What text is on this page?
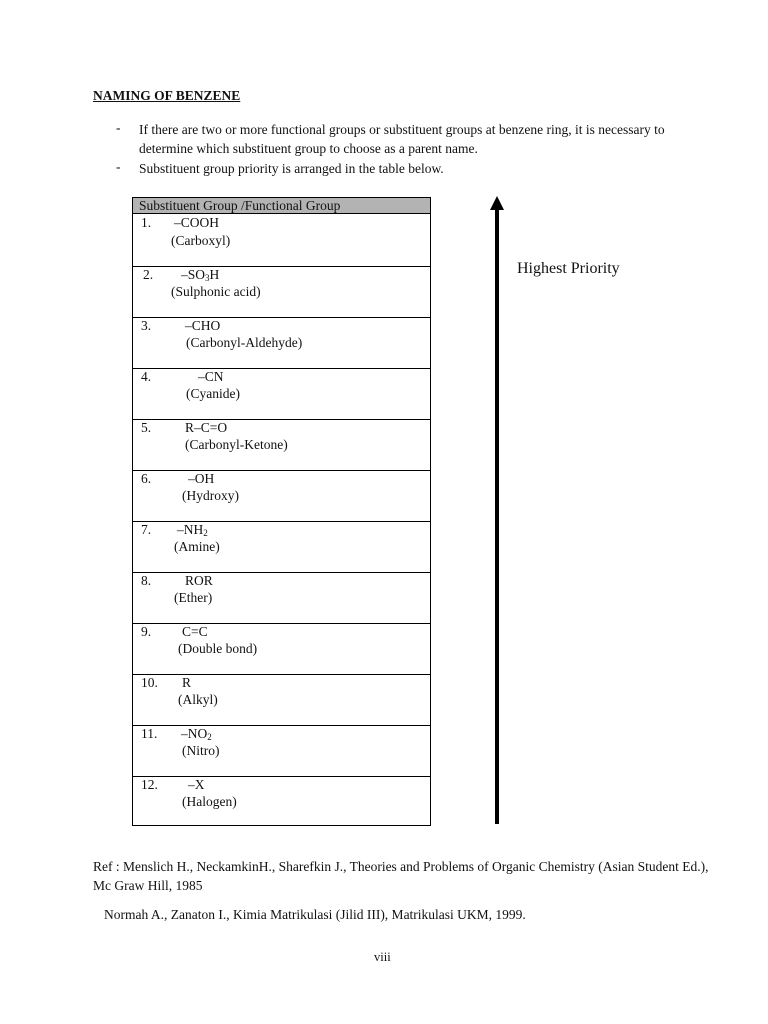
NAMING OF BENZENE
- If there are two or more functional groups or substituent groups at benzene ring, it is necessary to determine which substituent group to choose as a parent name.
- Substituent group priority is arranged in the table below.
Substituent Group /Functional Group
1. –COOH
(Carboxyl)
2. $-SO_3H$
(Sulphonic acid)
3.	–CHO
(Carbonyl-Aldehyde)
4.	–CN
(Cyanide)
5.	R–C=O
(Carbonyl-Ketone)
6.	–OH
(Hydroxy)
7. $-NH_2$
(Amine)
8.	ROR
(Ether)
9. C=C
(Double bond)
10. R
(Alkyl)
11. $-NO_2$
(Nitro)
12. –X
(Halogen)
Highest Priority
Ref : Menslich H., NeckamkinH., Sharefkin J., Theories and Problems of Organic Chemistry (Asian Student Ed.), Mc Graw Hill, 1985
Normah A., Zanaton I., Kimia Matrikulasi (Jilid III), Matrikulasi UKM, 1999.
viii
